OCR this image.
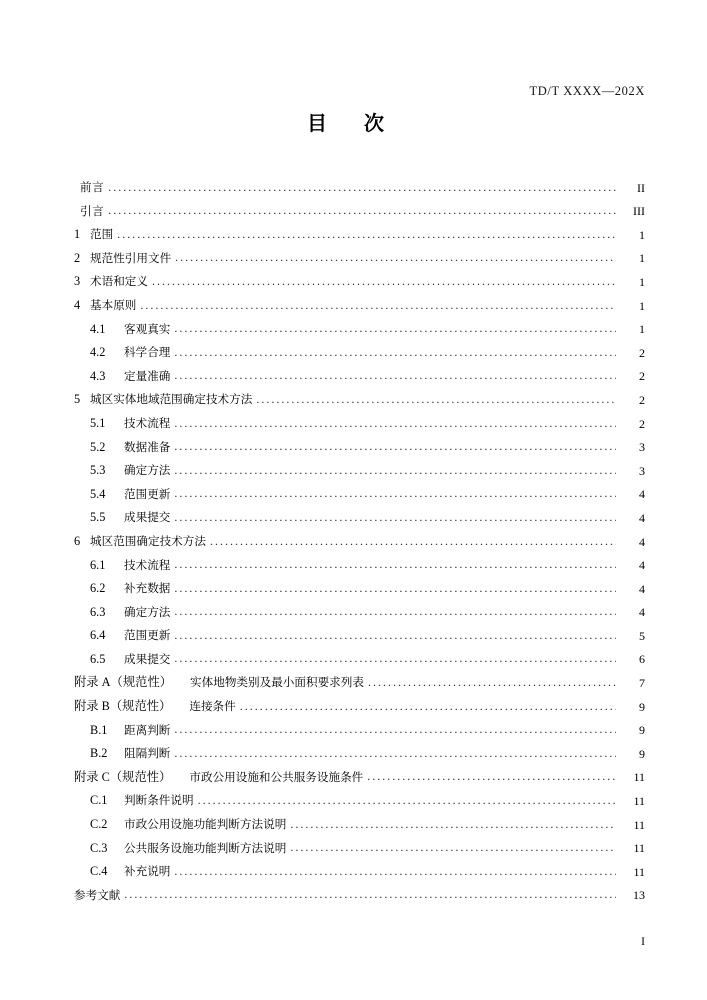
TD/T XXXX—202X
目 次
前言 .....	II
引言 .....	III
1 范围 .....	1
2 规范性引用文件 .....	1
3 术语和定义 .....	1
4 基本原则 .....	1
4.1	客观真实 .....	1
4.2	科学合理 .....	2
4.3	定量准确 .....	2
5 城区实体地域范围确定技术方法 .....	2
5.1	技术流程 .....	2
5.2	数据准备 .....	3
5.3	确定方法 .....	3
5.4	范围更新 .....	4
5.5	成果提交 .....	4
6 城区范围确定技术方法 .....	4
6.1	技术流程 .....	4
6.2	补充数据 .....	4
6.3	确定方法 .....	4
6.4	范围更新 .....	5
6.5	成果提交 .....	6
附录 A（规范性） 实体地物类别及最小面积要求列表 .....	7
附录 B（规范性） 连接条件 .....	9
B.1	距离判断 .....	9
B.2	阻隔判断 .....	9
附录 C（规范性） 市政公用设施和公共服务设施条件 .....	11
C.1	判断条件说明 .....	11
C.2	市政公用设施功能判断方法说明 .....	11
C.3	公共服务设施功能判断方法说明 .....	11
C.4	补充说明 .....	11
参考文献 .....	13
I
